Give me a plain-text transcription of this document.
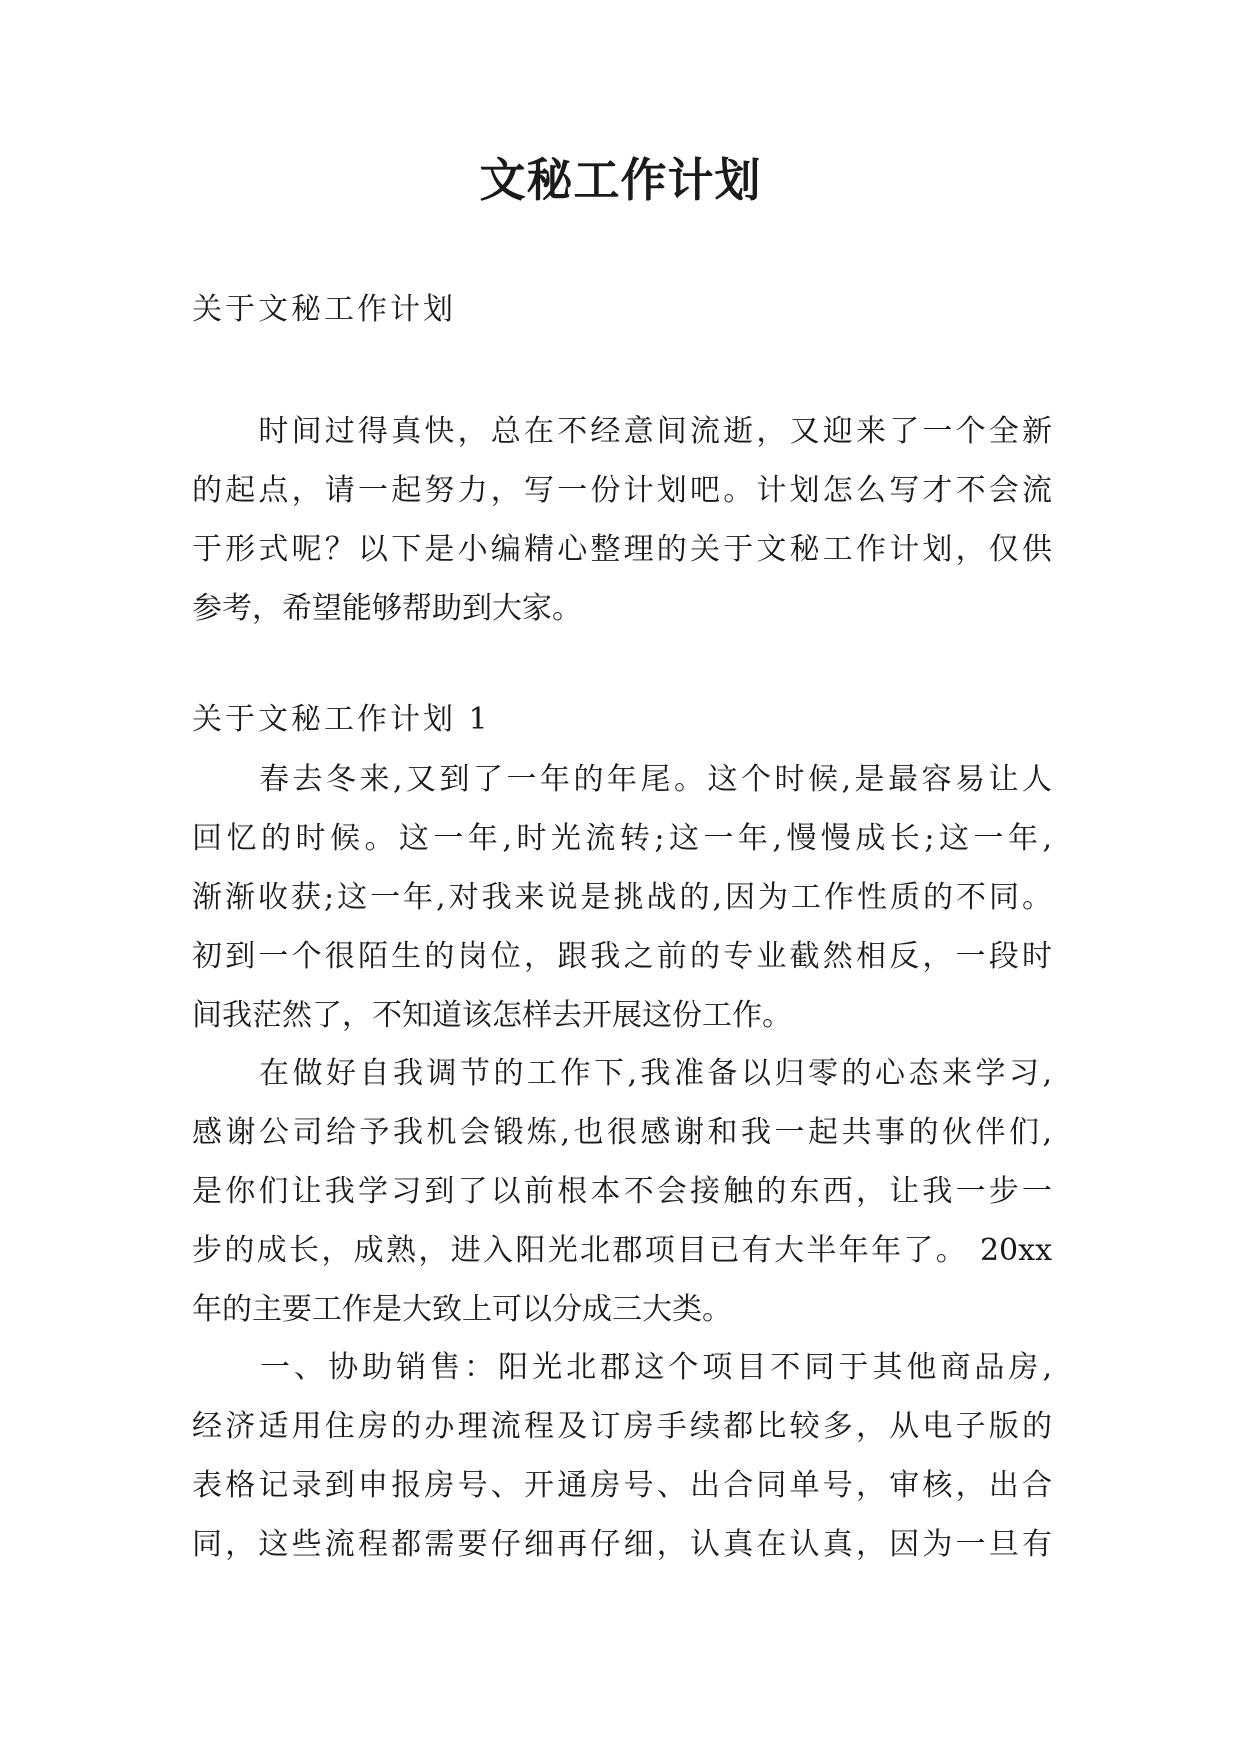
文秘工作计划
关于文秘工作计划
　　时间过得真快，总在不经意间流逝，又迎来了一个全新
的起点，请一起努力，写一份计划吧。计划怎么写才不会流
于形式呢？以下是小编精心整理的关于文秘工作计划，仅供
参考，希望能够帮助到大家。
关于文秘工作计划 1
　　春去冬来,又到了一年的年尾。这个时候,是最容易让人
回忆的时候。这一年,时光流转;这一年,慢慢成长;这一年,
渐渐收获;这一年,对我来说是挑战的,因为工作性质的不同。
初到一个很陌生的岗位，跟我之前的专业截然相反，一段时
间我茫然了，不知道该怎样去开展这份工作。
　　在做好自我调节的工作下,我准备以归零的心态来学习,
感谢公司给予我机会锻炼,也很感谢和我一起共事的伙伴们,
是你们让我学习到了以前根本不会接触的东西，让我一步一
步的成长，成熟，进入阳光北郡项目已有大半年年了。 20xx
年的主要工作是大致上可以分成三大类。
　　一、协助销售：阳光北郡这个项目不同于其他商品房,
经济适用住房的办理流程及订房手续都比较多，从电子版的
表格记录到申报房号、开通房号、出合同单号，审核，出合
同，这些流程都需要仔细再仔细，认真在认真，因为一旦有
